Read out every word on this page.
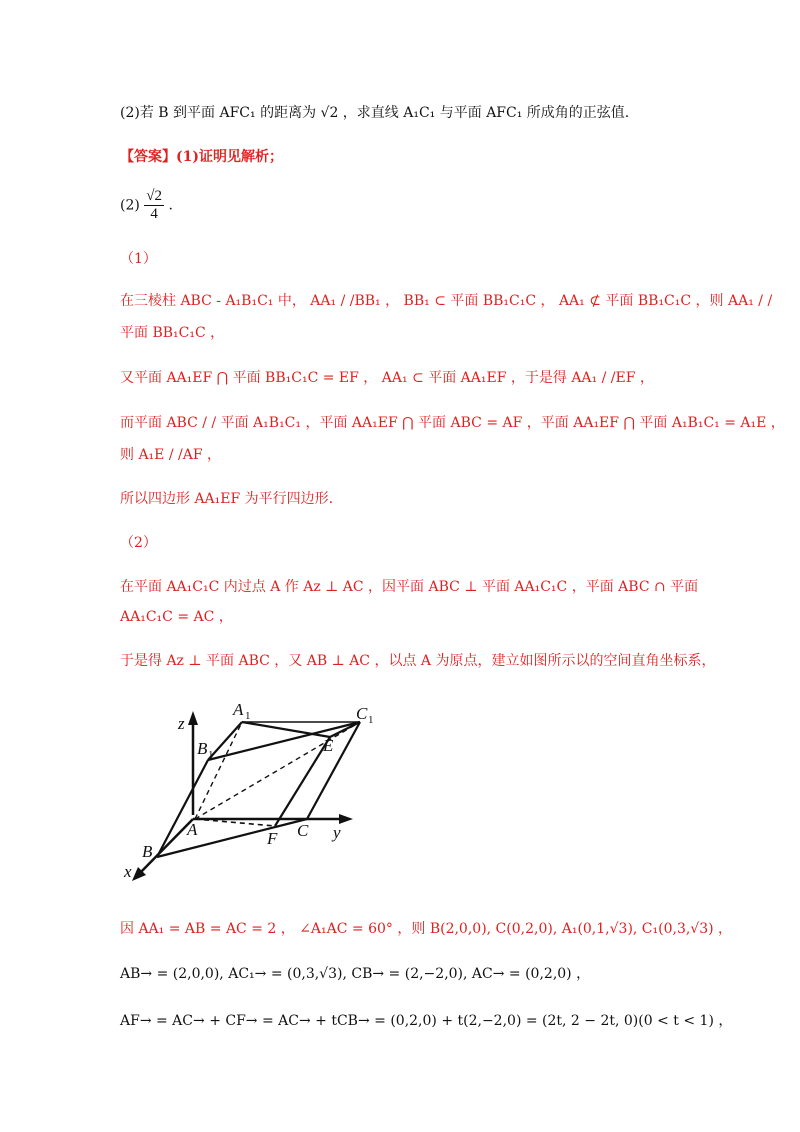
(2)若 B 到平面 AFC₁ 的距离为 √2 ，求直线 A₁C₁ 与平面 AFC₁ 所成角的正弦值.
【答案】(1)证明见解析；
$(2) \frac{√2}{4}$ .
（1）
在三棱柱 ABC - A₁B₁C₁ 中， AA₁ / /BB₁ ， BB₁ ⊂ 平面 BB₁C₁C ， AA₁ ⊄ 平面 BB₁C₁C ，则 AA₁ / /
平面 BB₁C₁C ，
又平面 AA₁EF ⋂ 平面 BB₁C₁C = EF ， AA₁ ⊂ 平面 AA₁EF ，于是得 AA₁ / /EF ，
而平面 ABC / / 平面 A₁B₁C₁ ，平面 AA₁EF ⋂ 平面 ABC = AF ，平面 AA₁EF ⋂ 平面 A₁B₁C₁ = A₁E ，
则 A₁E / /AF ，
所以四边形 AA₁EF 为平行四边形.
（2）
在平面 AA₁C₁C 内过点 A 作 Az ⊥ AC ，因平面 ABC ⊥ 平面 AA₁C₁C ，平面 ABC ∩ 平面
AA₁C₁C = AC ，
于是得 Az ⊥ 平面 ABC ，又 AB ⊥ AC ，以点 A 为原点，建立如图所示以的空间直角坐标系，
z
A 1	C 1
B 1	E
A	F C y
B
x
因 AA₁ = AB = AC = 2 ， ∠A₁AC = 60° ，则 B(2,0,0), C(0,2,0), A₁(0,1,√3), C₁(0,3,√3) ，
AB→ = (2,0,0), AC₁→ = (0,3,√3), CB→ = (2,−2,0), AC→ = (0,2,0) ，
AF→ = AC→ + CF→ = AC→ + tCB→ = (0,2,0) + t(2,−2,0) = (2t, 2 − 2t, 0)(0 < t < 1) ，
